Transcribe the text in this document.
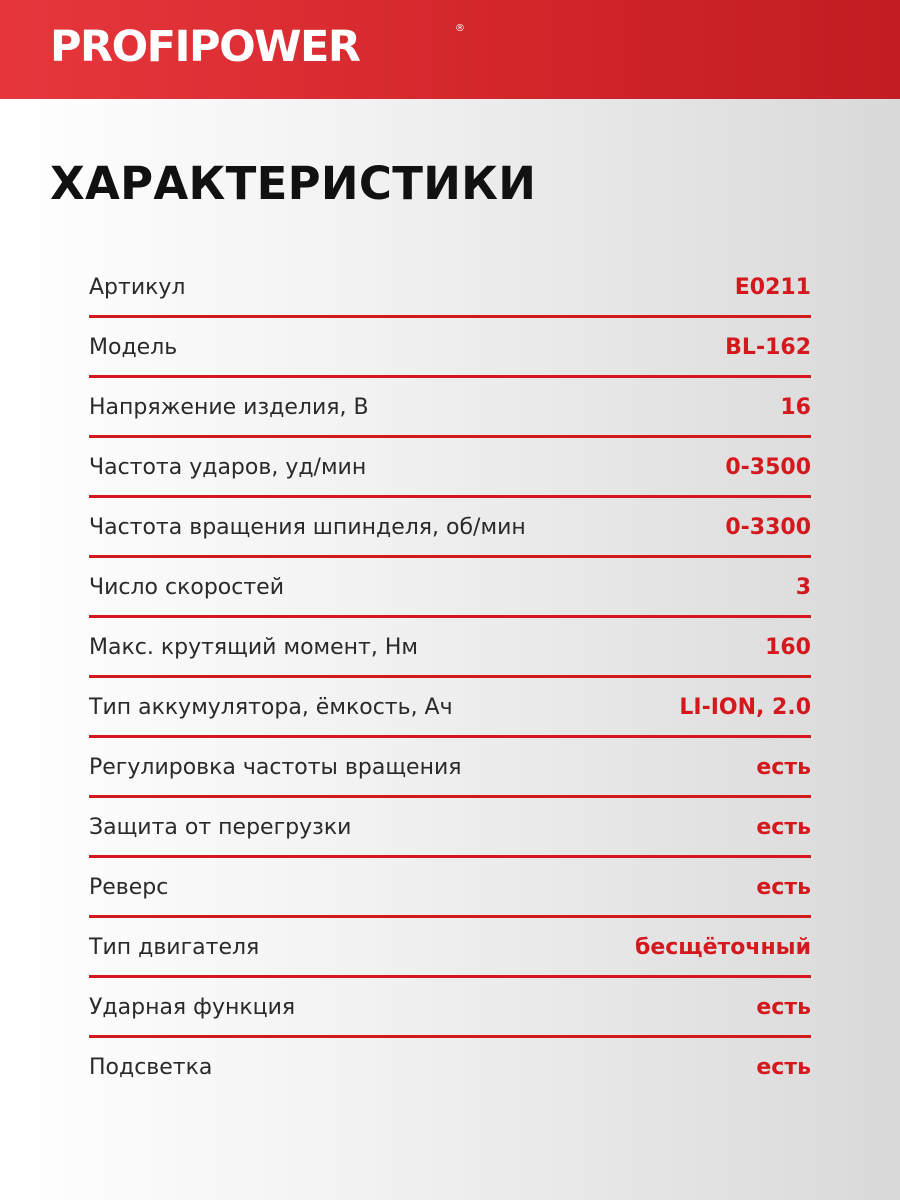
PROFIPOWER	®
ХАРАКТЕРИСТИКИ
Артикул	E0211
Модель	BL-162
Напряжение изделия, В	16
Частота ударов, уд/мин	0-3500
Частота вращения шпинделя, об/мин	0-3300
Число скоростей	3
Макс. крутящий момент, Нм	160
Тип аккумулятора, ёмкость, Ач	LI-ION, 2.0
Регулировка частоты вращения	есть
Защита от перегрузки	есть
Реверс	есть
Тип двигателя	бесщёточный
Ударная функция	есть
Подсветка	есть
